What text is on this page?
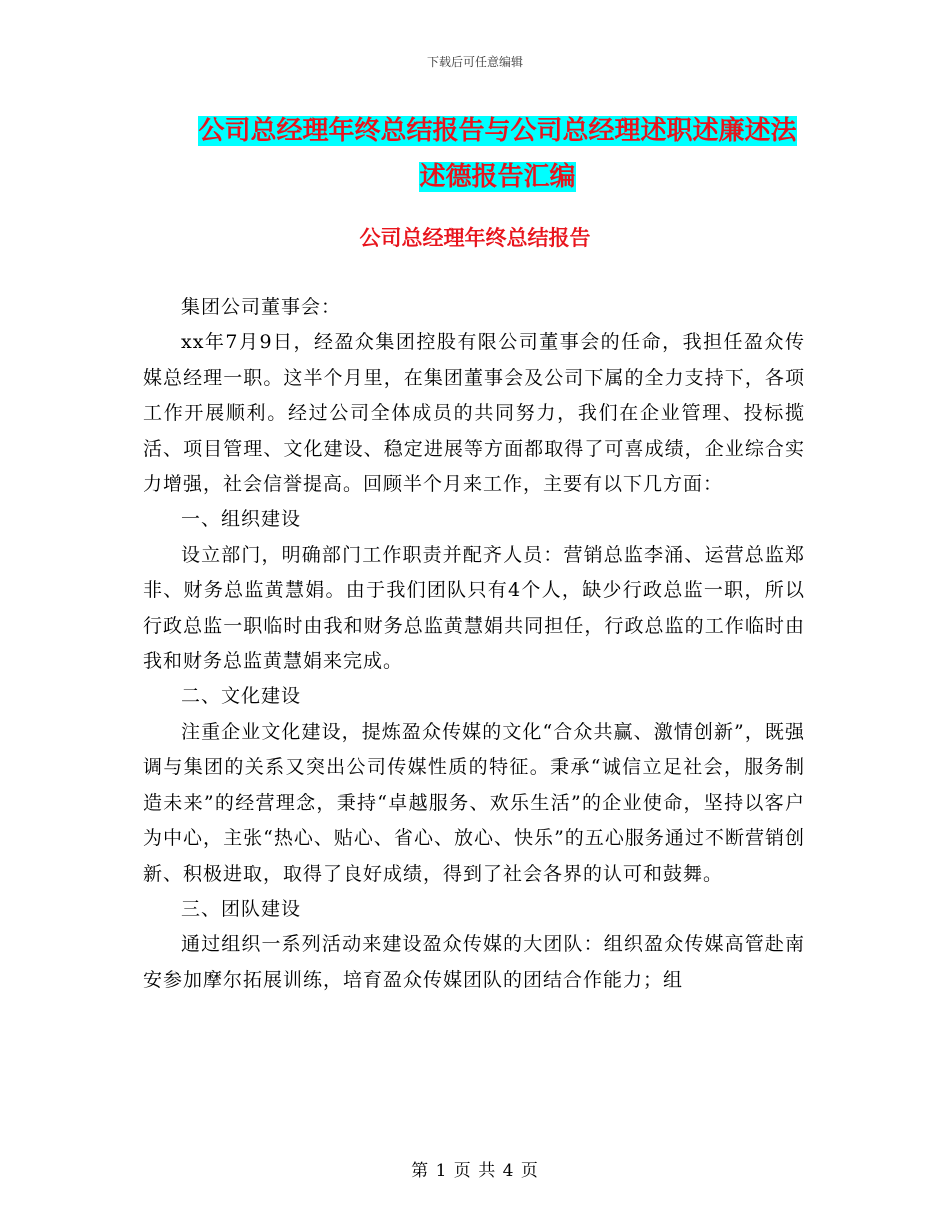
下载后可任意编辑
公司总经理年终总结报告与公司总经理述职述廉述法述德报告汇编
公司总经理年终总结报告

集团公司董事会：

xx年7月9日，经盈众集团控股有限公司董事会的任命，我担任盈众传媒总经理一职。这半个月里，在集团董事会及公司下属的全力支持下，各项工作开展顺利。经过公司全体成员的共同努力，我们在企业管理、投标揽活、项目管理、文化建设、稳定进展等方面都取得了可喜成绩，企业综合实力增强，社会信誉提高。回顾半个月来工作，主要有以下几方面：

一、组织建设

设立部门，明确部门工作职责并配齐人员：营销总监李涌、运营总监郑非、财务总监黄慧娟。由于我们团队只有4个人，缺少行政总监一职，所以行政总监一职临时由我和财务总监黄慧娟共同担任，行政总监的工作临时由我和财务总监黄慧娟来完成。

二、文化建设

注重企业文化建设，提炼盈众传媒的文化“合众共赢、激情创新”，既强调与集团的关系又突出公司传媒性质的特征。秉承“诚信立足社会，服务制造未来”的经营理念，秉持“卓越服务、欢乐生活”的企业使命，坚持以客户为中心，主张“热心、贴心、省心、放心、快乐”的五心服务通过不断营销创新、积极进取，取得了良好成绩，得到了社会各界的认可和鼓舞。

三、团队建设

通过组织一系列活动来建设盈众传媒的大团队：组织盈众传媒高管赴南安参加摩尔拓展训练，培育盈众传媒团队的团结合作能力；组

第 1 页 共 4 页
